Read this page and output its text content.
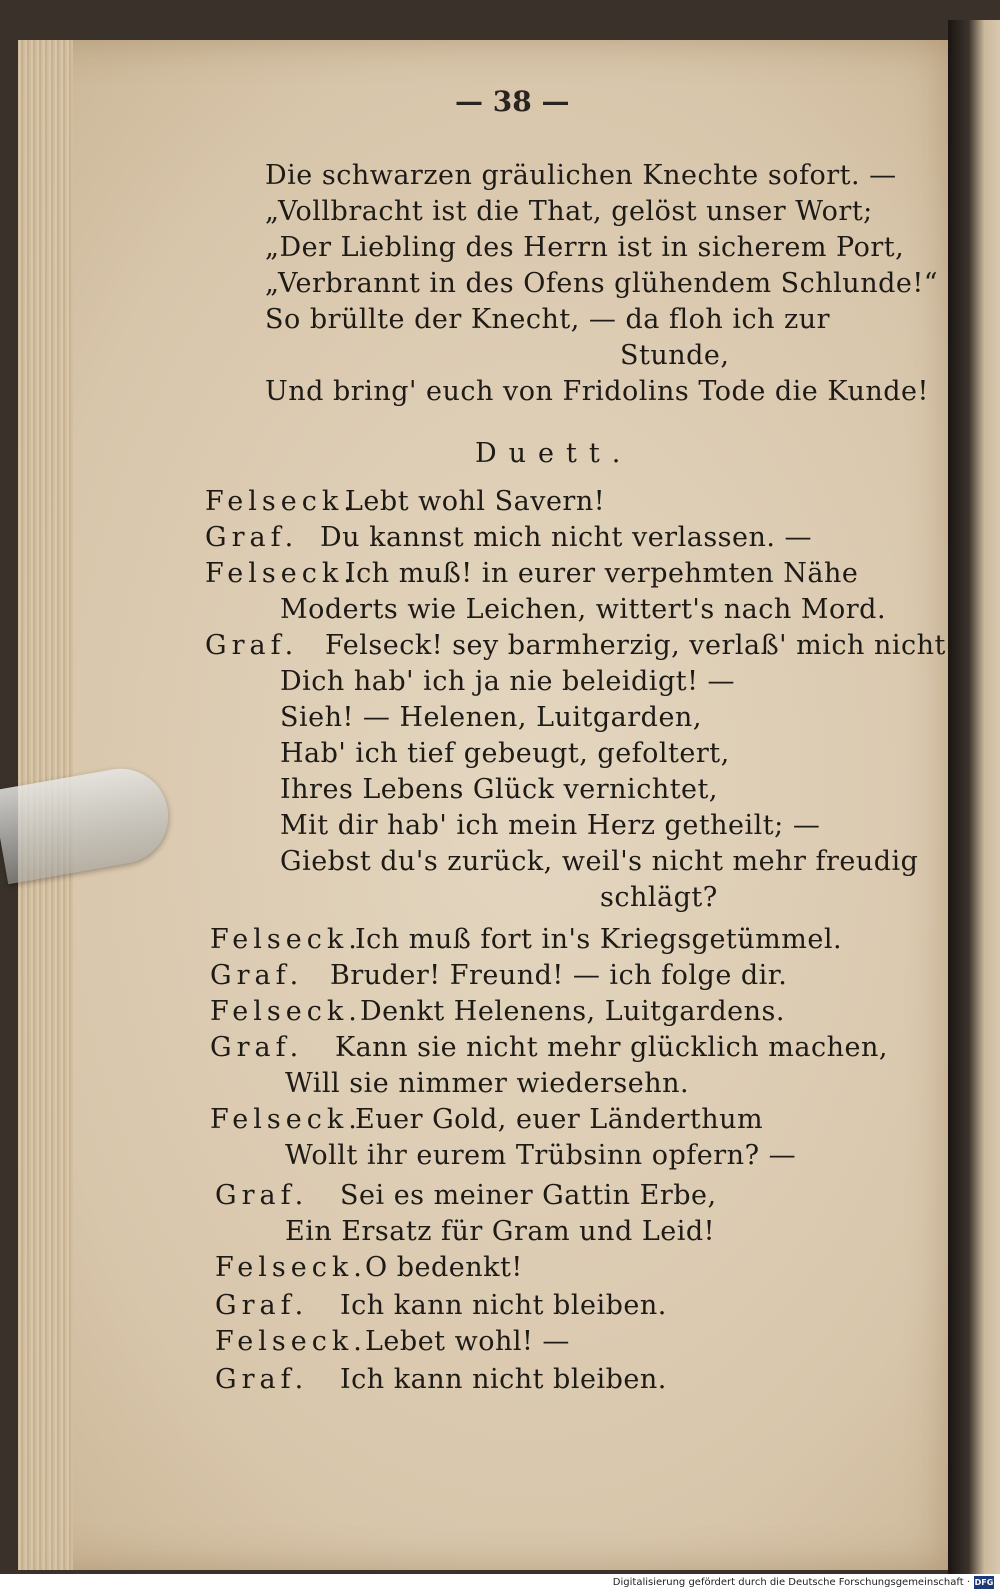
— 38 —
Die schwarzen gräulichen Knechte sofort. —
„Vollbracht ist die That, gelöst unser Wort;
„Der Liebling des Herrn ist in sicherem Port,
„Verbrannt in des Ofens glühendem Schlunde!“
So brüllte der Knecht, — da floh ich zur
Stunde,
Und bring' euch von Fridolins Tode die Kunde!
Duett.
Felseck.
Lebt wohl Savern!
Graf. Du kannst mich nicht verlassen. —
Felseck.
Ich muß! in eurer verpehmten Nähe
Moderts wie Leichen, wittert's nach Mord.
Graf. Felseck! sey barmherzig, verlaß' mich nicht.
Dich hab' ich ja nie beleidigt! —
Sieh! — Helenen, Luitgarden,
Hab' ich tief gebeugt, gefoltert,
Ihres Lebens Glück vernichtet,
Mit dir hab' ich mein Herz getheilt; —
Giebst du's zurück, weil's nicht mehr freudig
schlägt?
Felseck.
Ich muß fort in's Kriegsgetümmel.
Graf. Bruder! Freund! — ich folge dir.
Felseck.
Denkt Helenens, Luitgardens.
Graf. Kann sie nicht mehr glücklich machen,
Will sie nimmer wiedersehn.
Felseck.
Euer Gold, euer Länderthum
Wollt ihr eurem Trübsinn opfern? —
Graf. Sei es meiner Gattin Erbe,
Ein Ersatz für Gram und Leid!
Felseck.
O bedenkt!
Graf. Ich kann nicht bleiben.
Felseck.
Lebet wohl! —
Graf. Ich kann nicht bleiben.
Digitalisierung gefördert durch die Deutsche Forschungsgemeinschaft · DFG
